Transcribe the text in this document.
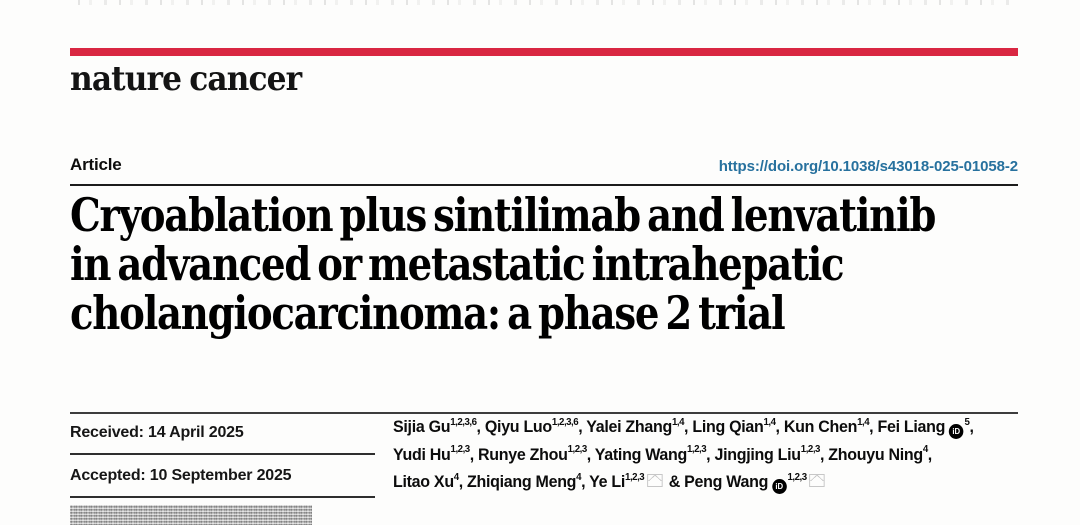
nature cancer
Article	https://doi.org/10.1038/s43018-025-01058-2
Cryoablation plus sintilimab and lenvatinib
in advanced or metastatic intrahepatic
cholangiocarcinoma: a phase 2 trial
Received: 14 April 2025
Accepted: 10 September 2025
Sijia Gu$^{1,2,3,6}$, Qiyu Luo$^{1,2,3,6}$, Yalei Zhang$^{1,4}$, Ling Qian$^{1,4}$, Kun Chen$^{1,4}$, Fei Liang $iD^5$,
Yudi Hu$^{1,2,3}$, Runye Zhou$^{1,2,3}$, Yating Wang$^{1,2,3}$, Jingjing Liu$^{1,2,3}$, Zhouyu Ning$^4$,
Litao Xu$^4$, Zhiqiang Meng$^4$, Ye Li$^{1,2,3}$ & Peng Wang iD$^{1,2,3}$
